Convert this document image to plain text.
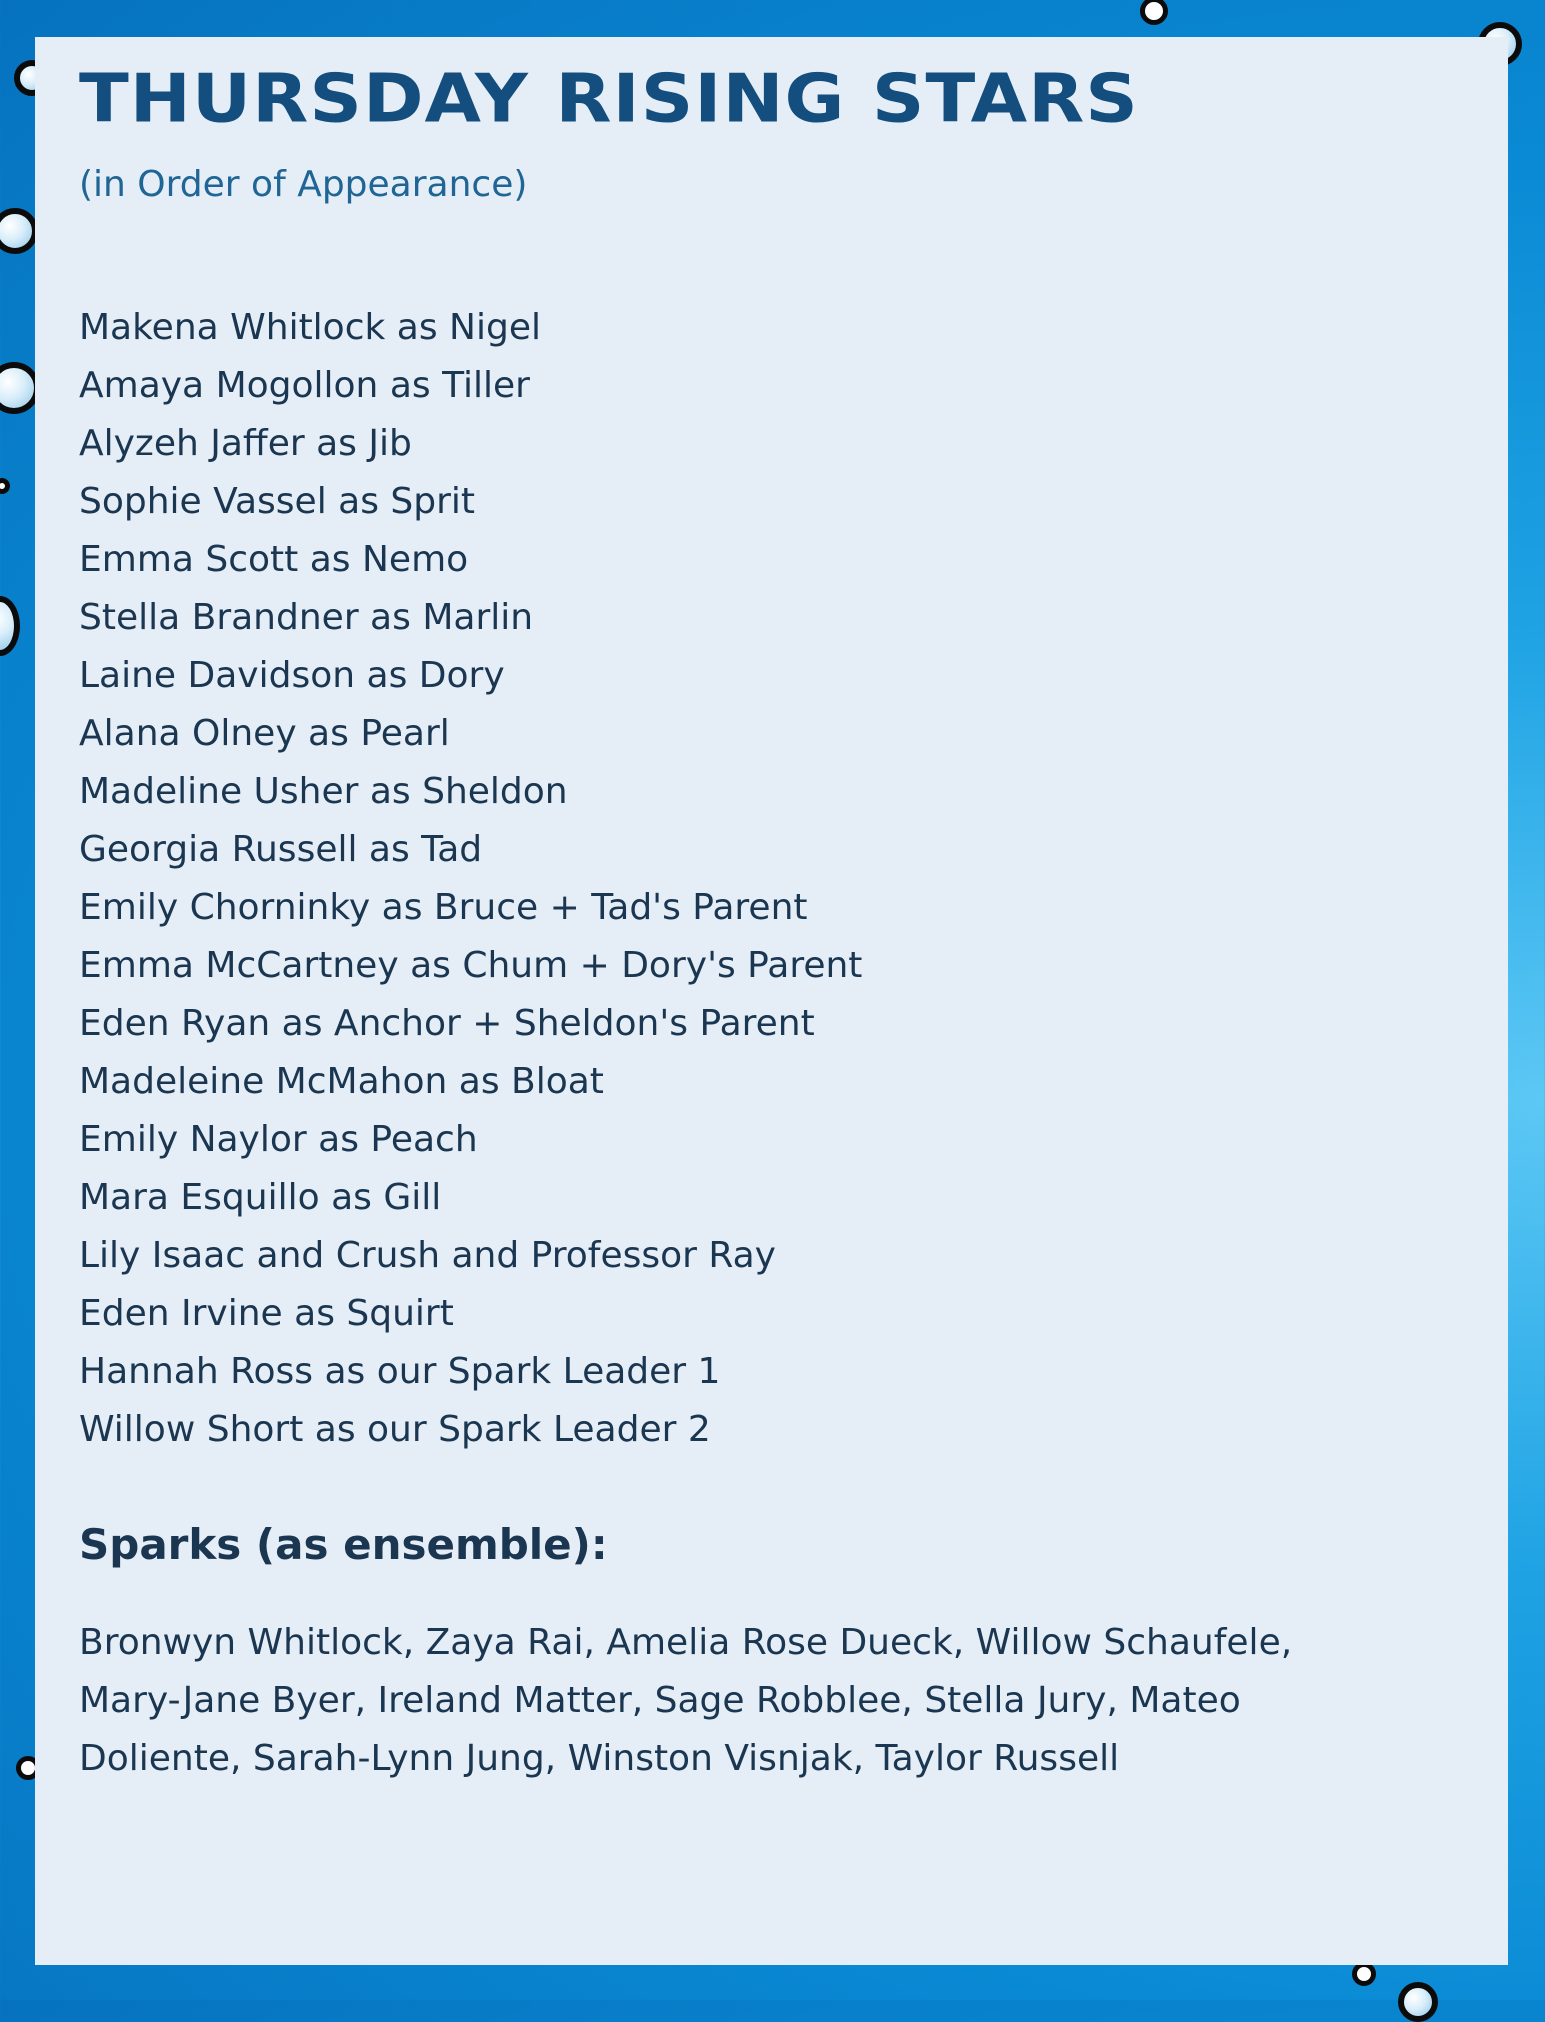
THURSDAY RISING STARS

(in Order of Appearance)

Makena Whitlock as Nigel
Amaya Mogollon as Tiller
Alyzeh Jaffer as Jib
Sophie Vassel as Sprit
Emma Scott as Nemo
Stella Brandner as Marlin
Laine Davidson as Dory
Alana Olney as Pearl
Madeline Usher as Sheldon
Georgia Russell as Tad
Emily Chorninky as Bruce + Tad's Parent
Emma McCartney as Chum + Dory's Parent
Eden Ryan as Anchor + Sheldon's Parent
Madeleine McMahon as Bloat
Emily Naylor as Peach
Mara Esquillo as Gill
Lily Isaac and Crush and Professor Ray
Eden Irvine as Squirt
Hannah Ross as our Spark Leader 1
Willow Short as our Spark Leader 2
Sparks (as ensemble):

Bronwyn Whitlock, Zaya Rai, Amelia Rose Dueck, Willow Schaufele, Mary-Jane Byer, Ireland Matter, Sage Robblee, Stella Jury, Mateo Doliente, Sarah-Lynn Jung, Winston Visnjak, Taylor Russell
